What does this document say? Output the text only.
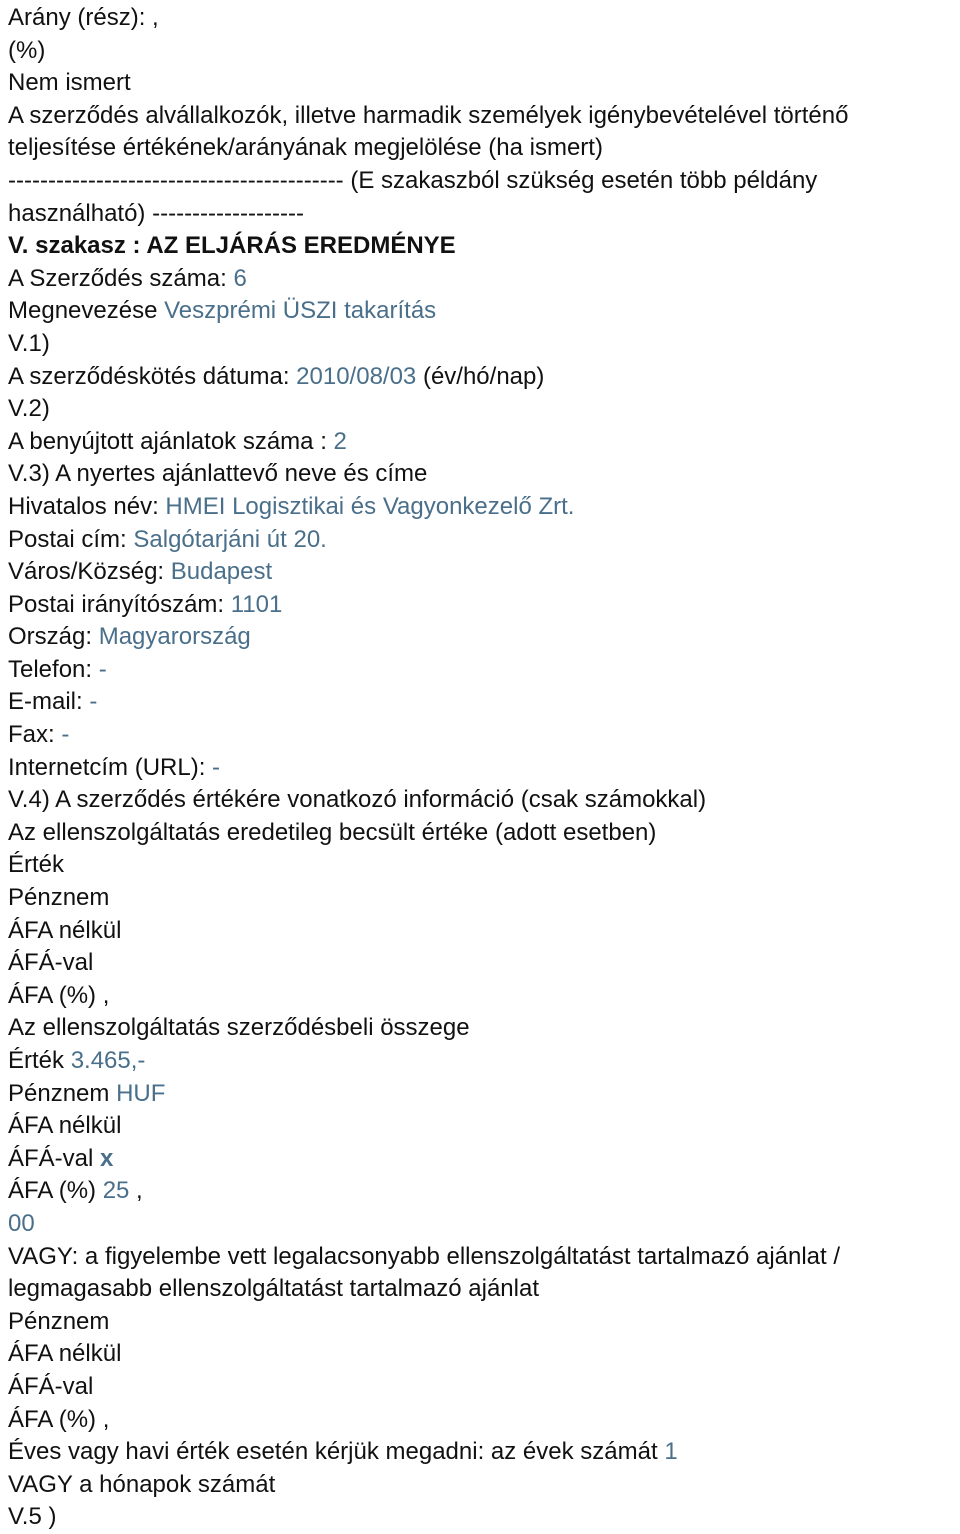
Arány (rész): ,
(%)
Nem ismert
A szerződés alvállalkozók, illetve harmadik személyek igénybevételével történő
teljesítése értékének/arányának megjelölése (ha ismert)
------------------------------------------ (E szakaszból szükség esetén több példány
használható) -------------------
V. szakasz : AZ ELJÁRÁS EREDMÉNYE
A Szerződés száma: 6
Megnevezése Veszprémi ÜSZI takarítás
V.1)
A szerződéskötés dátuma: 2010/08/03 (év/hó/nap)
V.2)
A benyújtott ajánlatok száma : 2
V.3) A nyertes ajánlattevő neve és címe
Hivatalos név: HMEI Logisztikai és Vagyonkezelő Zrt.
Postai cím: Salgótarjáni út 20.
Város/Község: Budapest
Postai irányítószám: 1101
Ország: Magyarország
Telefon: -
E-mail: -
Fax: -
Internetcím (URL): -
V.4) A szerződés értékére vonatkozó információ (csak számokkal)
Az ellenszolgáltatás eredetileg becsült értéke (adott esetben)
Érték
Pénznem
ÁFA nélkül
ÁFÁ-val
ÁFA (%) ,
Az ellenszolgáltatás szerződésbeli összege
Érték 3.465,-
Pénznem HUF
ÁFA nélkül
ÁFÁ-val x
ÁFA (%) 25 ,
00
VAGY: a figyelembe vett legalacsonyabb ellenszolgáltatást tartalmazó ajánlat /
legmagasabb ellenszolgáltatást tartalmazó ajánlat
Pénznem
ÁFA nélkül
ÁFÁ-val
ÁFA (%) ,
Éves vagy havi érték esetén kérjük megadni: az évek számát 1
VAGY a hónapok számát
V.5 )
